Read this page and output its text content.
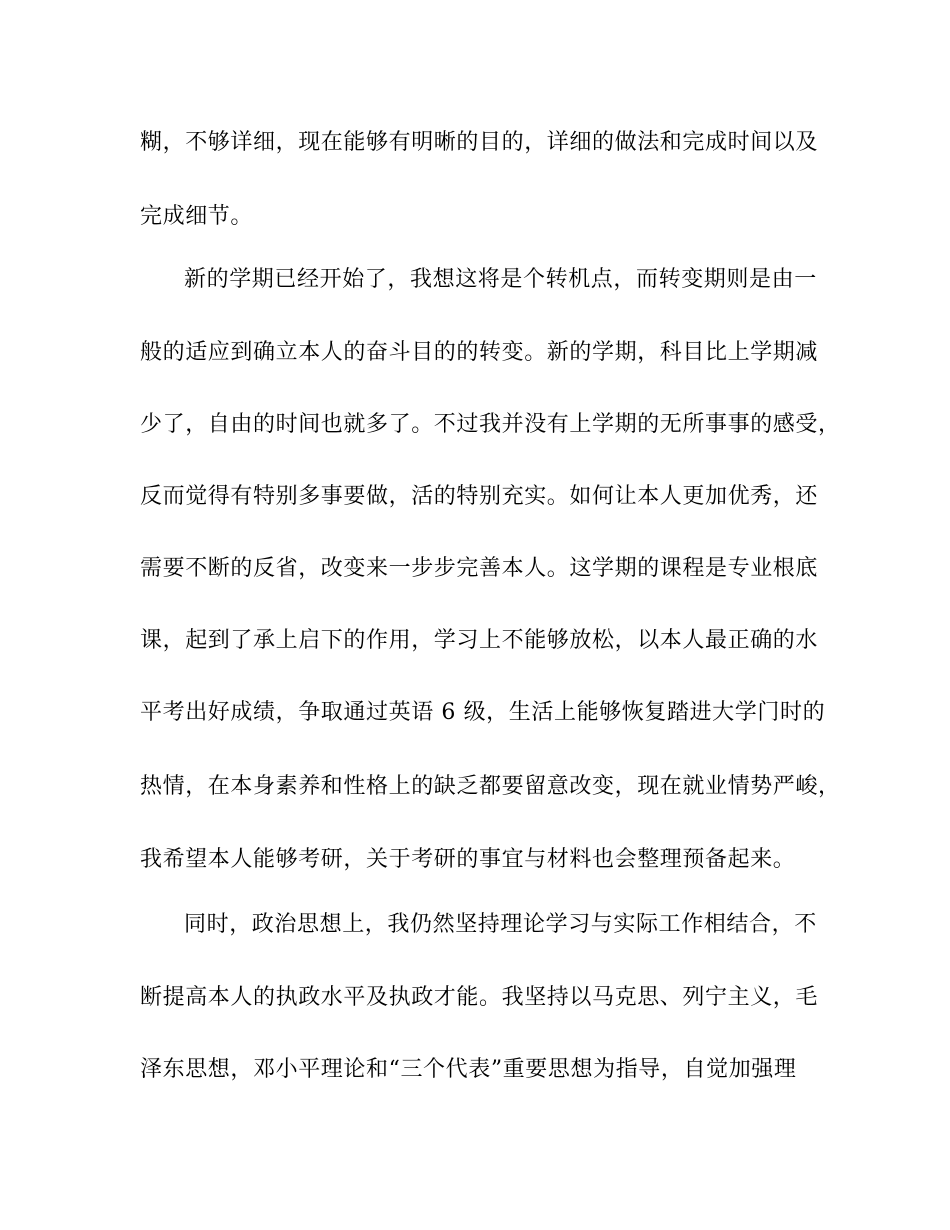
糊，不够详细，现在能够有明晰的目的，详细的做法和完成时间以及
完成细节。
新的学期已经开始了，我想这将是个转机点，而转变期则是由一
般的适应到确立本人的奋斗目的的转变。新的学期，科目比上学期减
少了，自由的时间也就多了。不过我并没有上学期的无所事事的感受，
反而觉得有特别多事要做，活的特别充实。如何让本人更加优秀，还
需要不断的反省，改变来一步步完善本人。这学期的课程是专业根底
课，起到了承上启下的作用，学习上不能够放松，以本人最正确的水
平考出好成绩，争取通过英语 6 级，生活上能够恢复踏进大学门时的
热情，在本身素养和性格上的缺乏都要留意改变，现在就业情势严峻，
我希望本人能够考研，关于考研的事宜与材料也会整理预备起来。
同时，政治思想上，我仍然坚持理论学习与实际工作相结合，不
断提高本人的执政水平及执政才能。我坚持以马克思、列宁主义，毛
泽东思想，邓小平理论和“三个代表”重要思想为指导，自觉加强理
